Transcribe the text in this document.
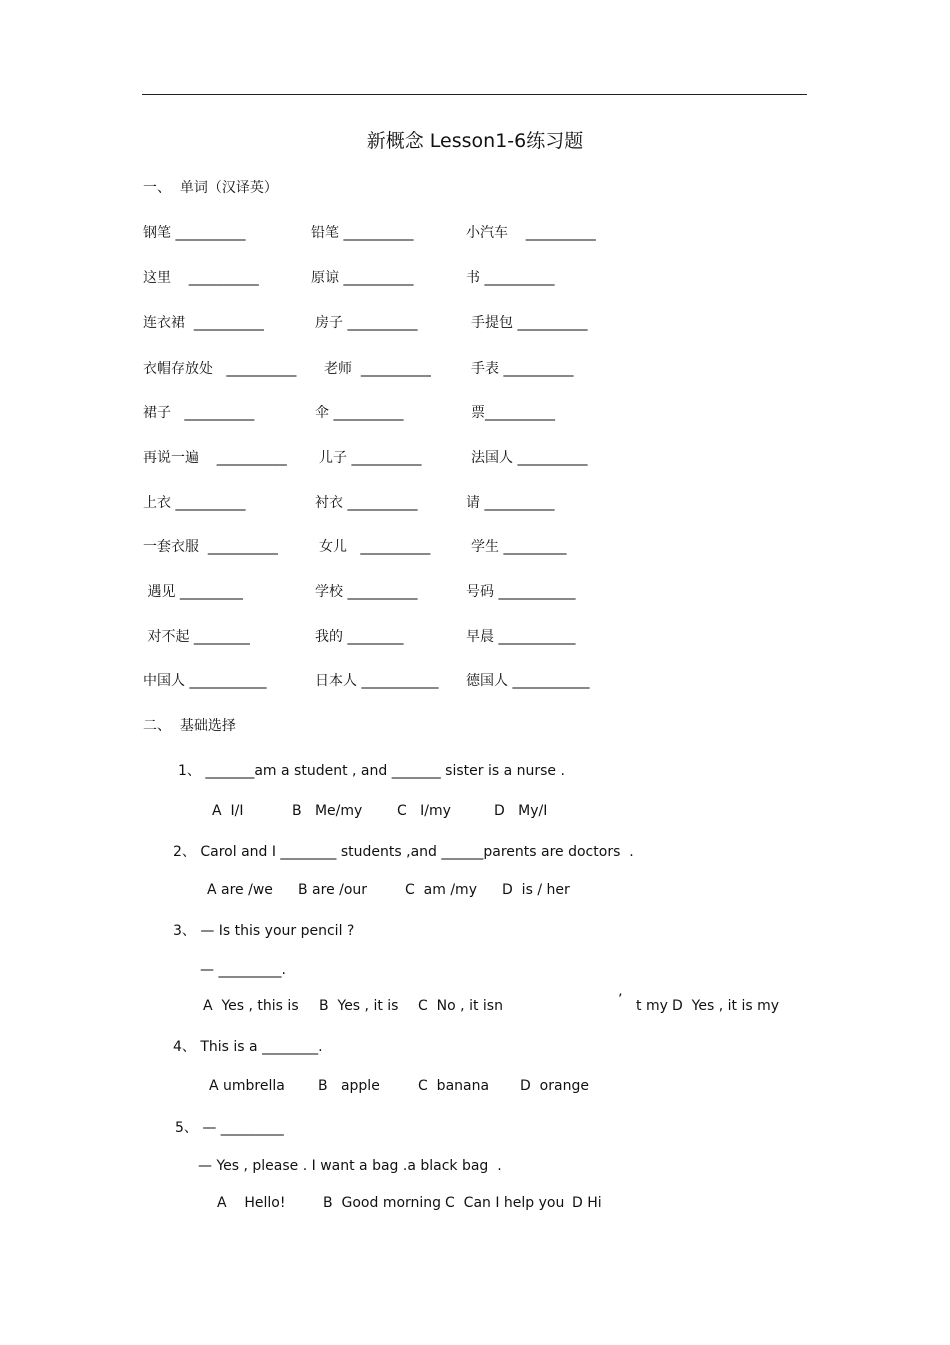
新概念 Lesson1-6练习题
一、  单词（汉译英）
钢笔 __________	铅笔 __________	小汽车    __________
这里    __________	原谅 __________	书 __________
连衣裙  __________	房子 __________	手提包 __________
衣帽存放处   __________ 老师  __________	手表 __________
裙子   __________	伞 __________	票__________
再说一遍    __________ 儿子 __________	法国人 __________
上衣 __________	衬衣 __________	请 __________
一套衣服  __________	女儿   __________	学生 _________
遇见 _________	学校 __________	号码 ___________
对不起 ________	我的 ________	早晨 ___________
中国人 ___________	日本人 ___________ 德国人 ___________
二、  基础选择
1、 _______am a student , and _______ sister is a nurse .
A  I/I	B   Me/my C   I/my	D   My/I
2、 Carol and I ________ students ,and ______parents are doctors  .
A are /we B are /our	C  am /my D  is / her
3、 — Is this your pencil ?
— _________.
A  Yes , this is B  Yes , it is C  No , it isn	’ t my D  Yes , it is my
4、 This is a ________.
A umbrella B   apple	C  banana D  orange
5、 — _________
— Yes , please . I want a bag .a black bag  .
A    Hello!	B  Good morning C  Can I help you D Hi
